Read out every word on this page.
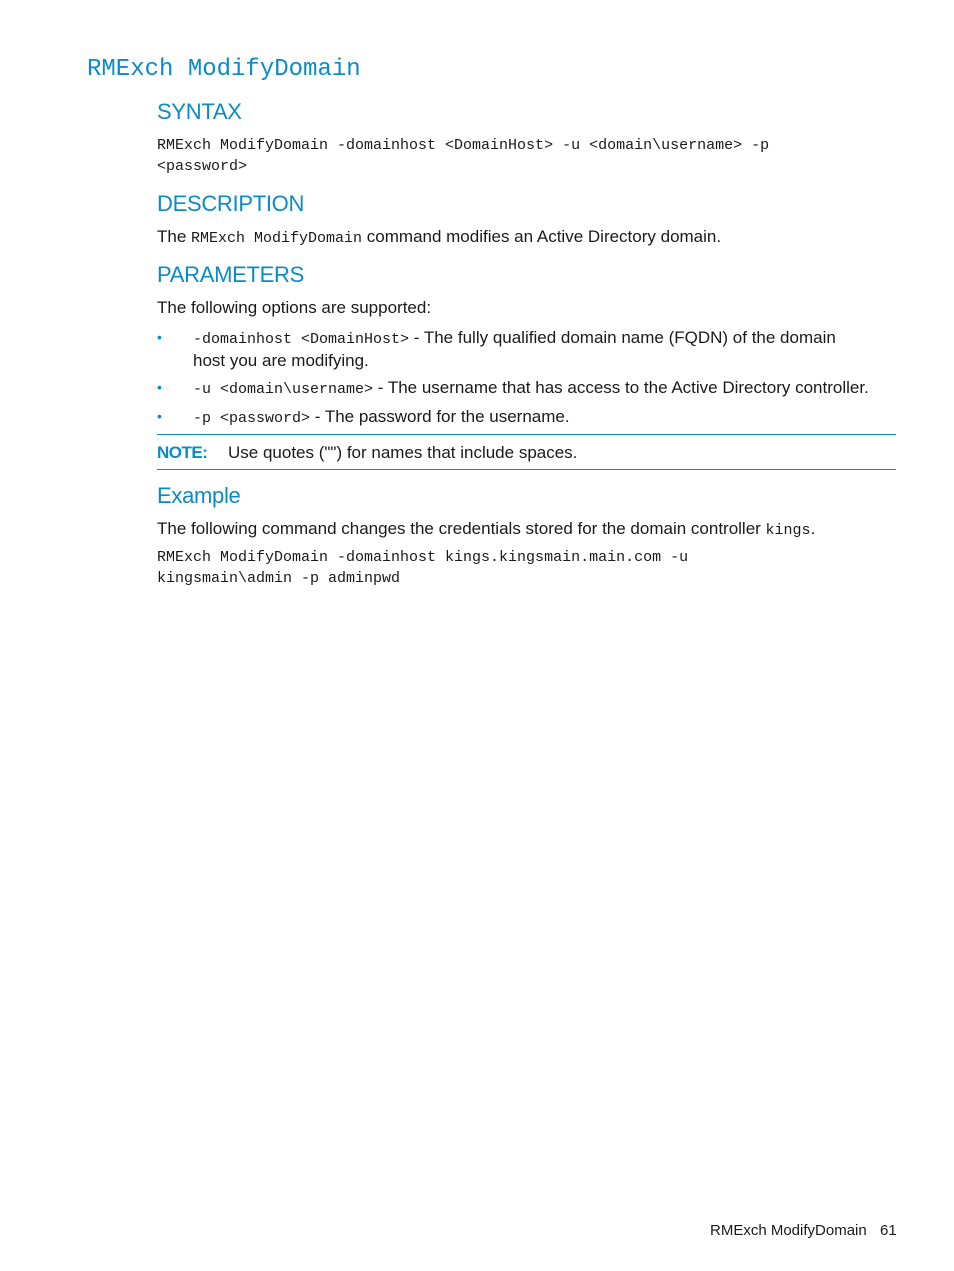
RMExch ModifyDomain
SYNTAX
RMExch ModifyDomain -domainhost <DomainHost> -u <domain\username> -p
<password>
DESCRIPTION

The RMExch ModifyDomain command modifies an Active Directory domain.

PARAMETERS

The following options are supported:

• -domainhost <DomainHost> - The fully qualified domain name (FQDN) of the domain
host you are modifying.
• -u <domain\username> - The username that has access to the Active Directory controller.
• -p <password> - The password for the username.
NOTE: Use quotes ("") for names that include spaces.
Example

The following command changes the credentials stored for the domain controller kings.

RMExch ModifyDomain -domainhost kings.kingsmain.main.com -u
kingsmain\admin -p adminpwd
RMExch ModifyDomain 61
